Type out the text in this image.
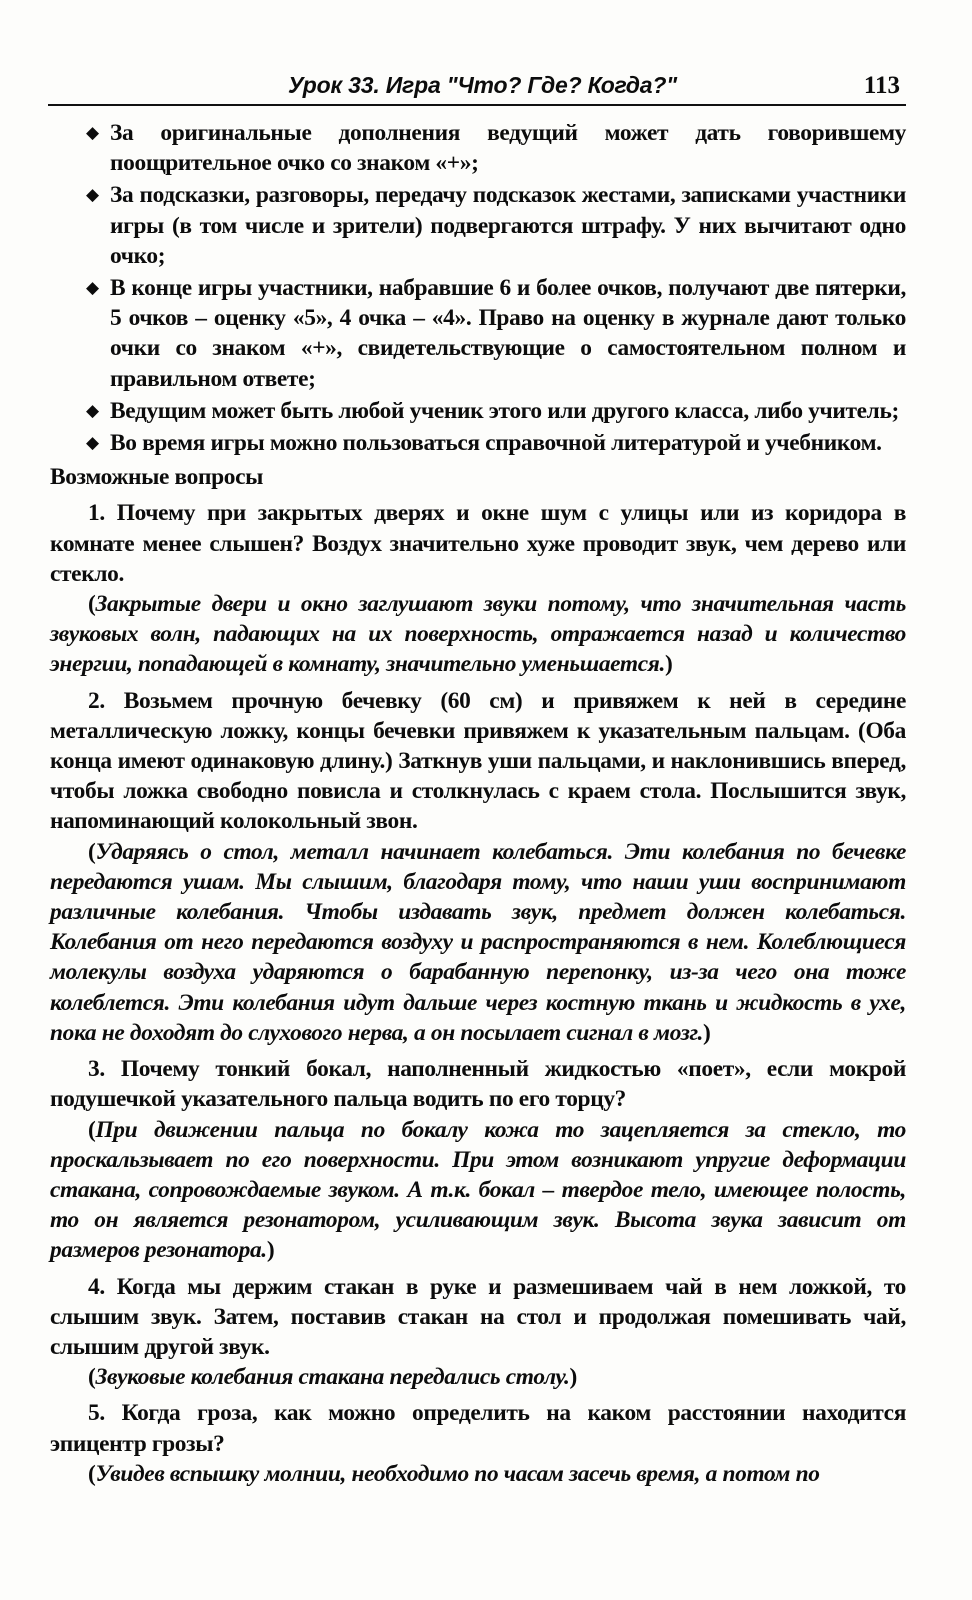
Урок 33. Игра "Что? Где? Когда?"	113
◆ За оригинальные дополнения ведущий может дать говорившему поощрительное очко со знаком «+»;
◆ За подсказки, разговоры, передачу подсказок жестами, записками участники игры (в том числе и зрители) подвергаются штрафу. У них вычитают одно очко;
◆ В конце игры участники, набравшие 6 и более очков, получают две пятерки, 5 очков – оценку «5», 4 очка – «4». Право на оценку в журнале дают только очки со знаком «+», свидетельствующие о самостоятельном полном и правильном ответе;
◆ Ведущим может быть любой ученик этого или другого класса, либо учитель;
◆ Во время игры можно пользоваться справочной литературой и учебником.
Возможные вопросы

1. Почему при закрытых дверях и окне шум с улицы или из коридора в комнате менее слышен? Воздух значительно хуже проводит звук, чем дерево или стекло.

(Закрытые двери и окно заглушают звуки потому, что значительная часть звуковых волн, падающих на их поверхность, отражается назад и количество энергии, попадающей в комнату, значительно уменьшается.)

2. Возьмем прочную бечевку (60 см) и привяжем к ней в середине металлическую ложку, концы бечевки привяжем к указательным пальцам. (Оба конца имеют одинаковую длину.) Заткнув уши пальцами, и наклонившись вперед, чтобы ложка свободно повисла и столкнулась с краем стола. Послышится звук, напоминающий колокольный звон.

(Ударяясь о стол, металл начинает колебаться. Эти колебания по бечевке передаются ушам. Мы слышим, благодаря тому, что наши уши воспринимают различные колебания. Чтобы издавать звук, предмет должен колебаться. Колебания от него передаются воздуху и распространяются в нем. Колеблющиеся молекулы воздуха ударяются о барабанную перепонку, из-за чего она тоже колеблется. Эти колебания идут дальше через костную ткань и жидкость в ухе, пока не доходят до слухового нерва, а он посылает сигнал в мозг.)

3. Почему тонкий бокал, наполненный жидкостью «поет», если мокрой подушечкой указательного пальца водить по его торцу?

(При движении пальца по бокалу кожа то зацепляется за стекло, то проскальзывает по его поверхности. При этом возникают упругие деформации стакана, сопровождаемые звуком. А т.к. бокал – твердое тело, имеющее полость, то он является резонатором, усиливающим звук. Высота звука зависит от размеров резонатора.)

4. Когда мы держим стакан в руке и размешиваем чай в нем ложкой, то слышим звук. Затем, поставив стакан на стол и продолжая помешивать чай, слышим другой звук.

(Звуковые колебания стакана передались столу.)

5. Когда гроза, как можно определить на каком расстоянии находится эпицентр грозы?

(Увидев вспышку молнии, необходимо по часам засечь время, а потом по
